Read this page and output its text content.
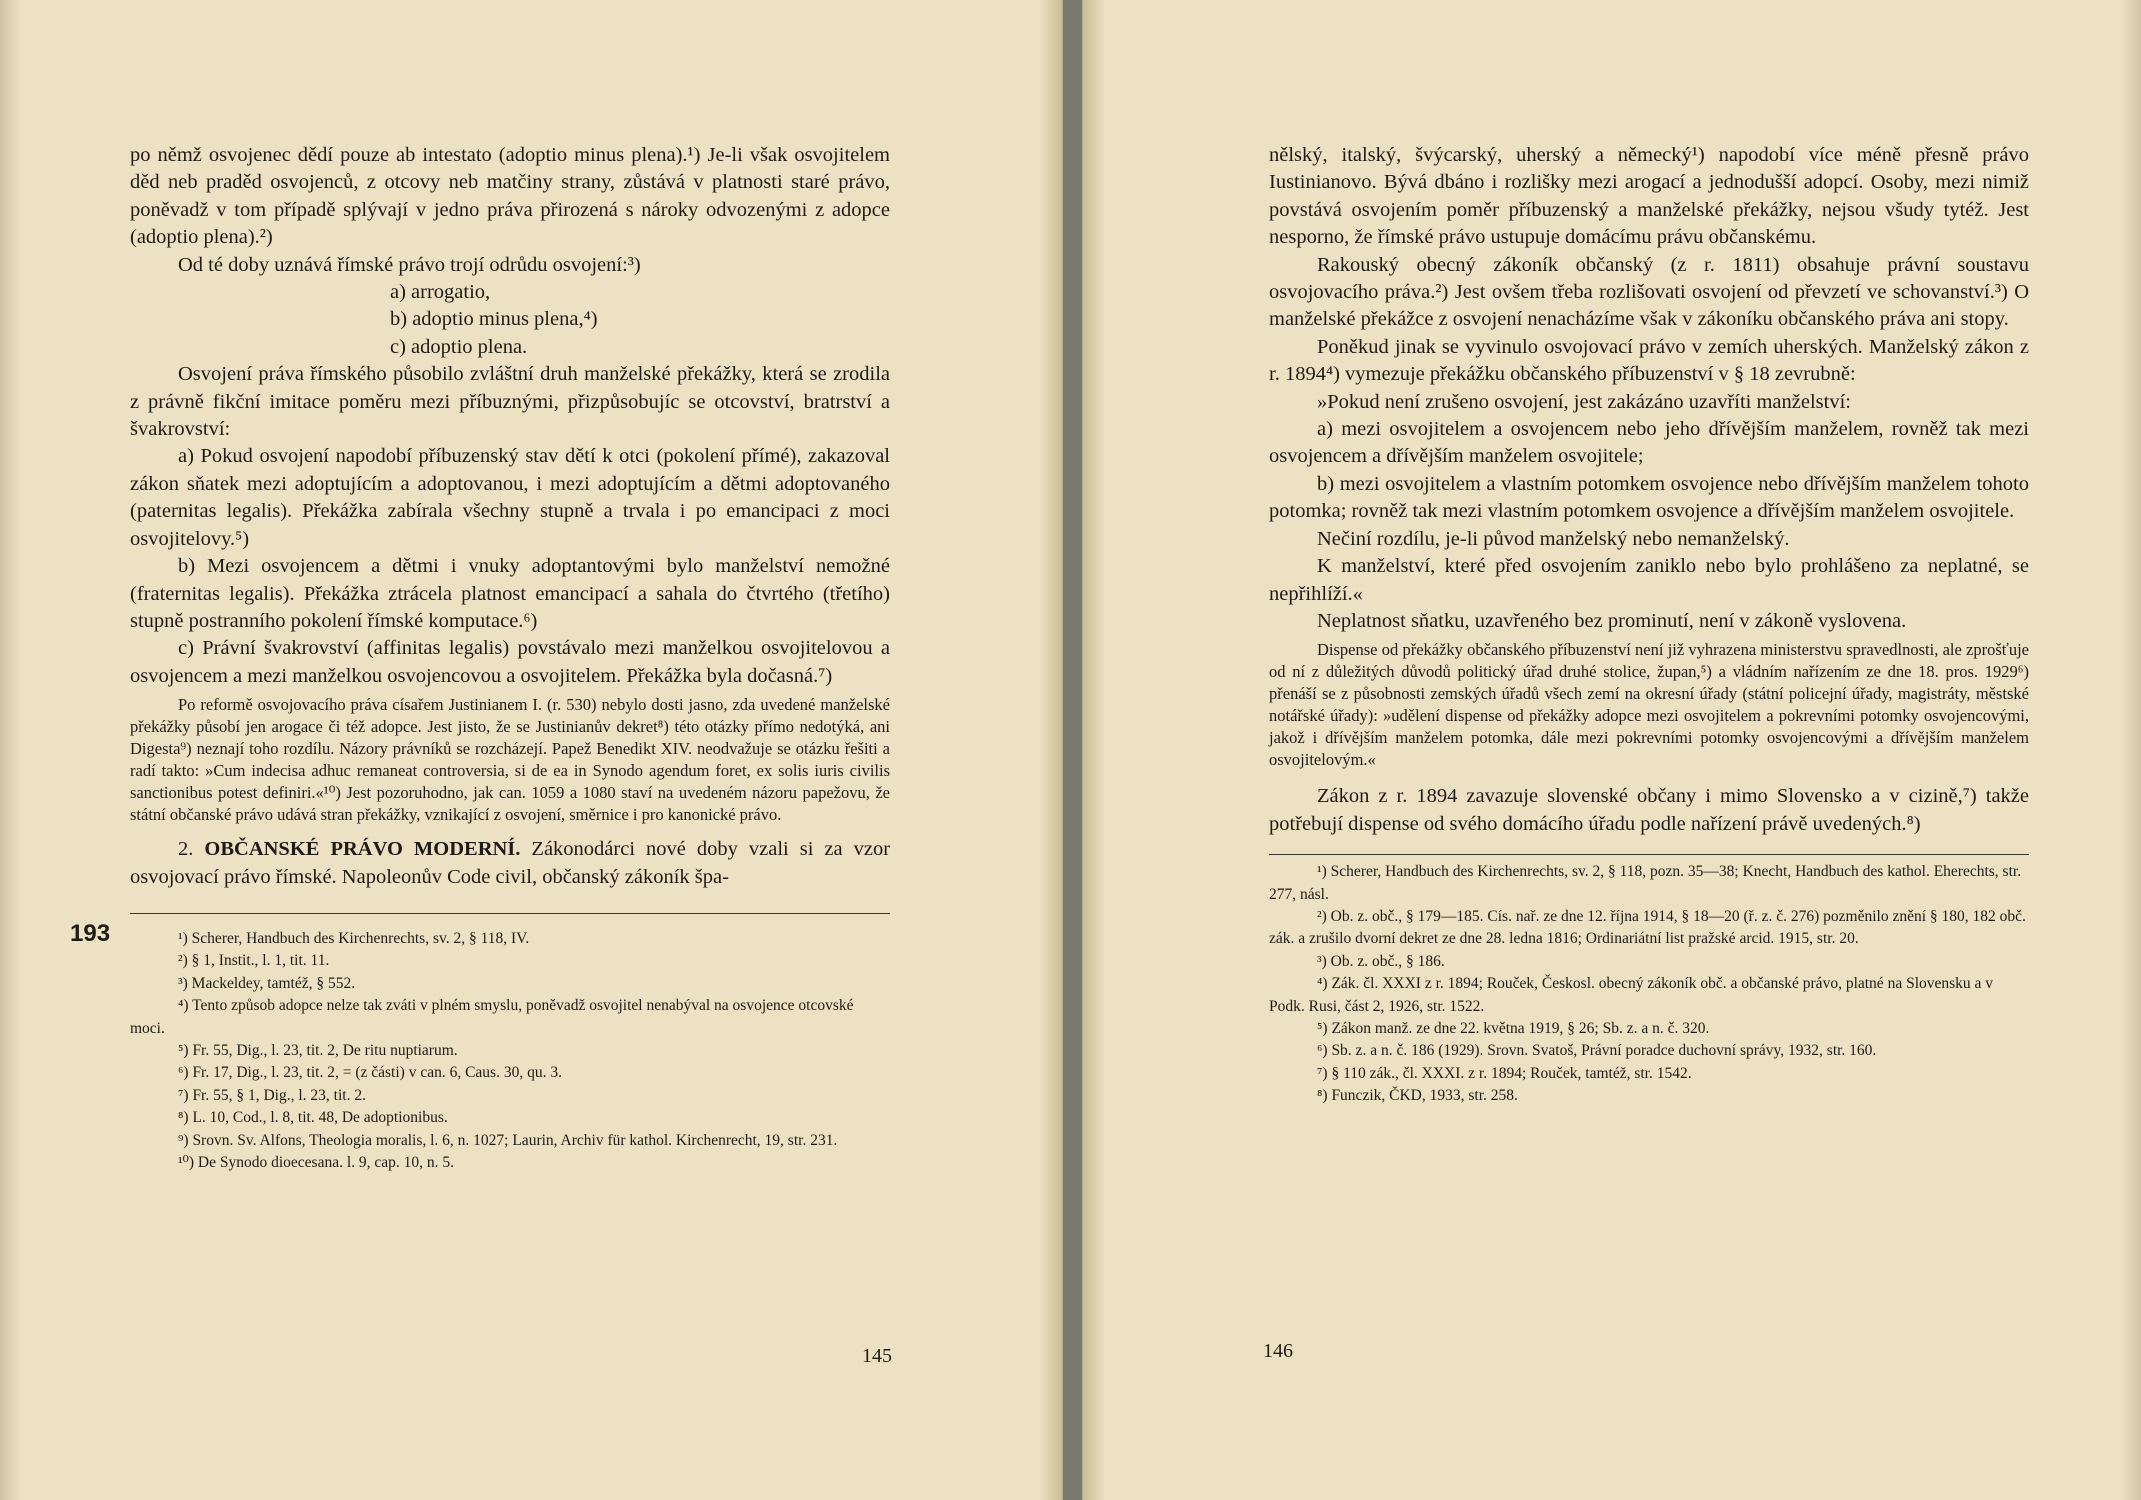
po němž osvojenec dědí pouze ab intestato (adoptio minus plena).¹) Je-li však osvojitelem děd neb praděd osvojenců, z otcovy neb matčiny strany, zůstává v platnosti staré právo, poněvadž v tom případě splývají v jedno práva přirozená s nároky odvozenými z adopce (adoptio plena).²)

Od té doby uznává římské právo trojí odrůdu osvojení:³)

a) arrogatio,
b) adoptio minus plena,⁴)
c) adoptio plena.

Osvojení práva římského působilo zvláštní druh manželské překážky, která se zrodila z právně fikční imitace poměru mezi příbuznými, přizpůsobujíc se otcovství, bratrství a švakrovství:

a) Pokud osvojení napodobí příbuzenský stav dětí k otci (pokolení přímé), zakazoval zákon sňatek mezi adoptujícím a adoptovanou, i mezi adoptujícím a dětmi adoptovaného (paternitas legalis). Překážka zabírala všechny stupně a trvala i po emancipaci z moci osvojitelovy.⁵)

b) Mezi osvojencem a dětmi i vnuky adoptantovými bylo manželství nemožné (fraternitas legalis). Překážka ztrácela platnost emancipací a sahala do čtvrtého (třetího) stupně postranního pokolení římské komputace.⁶)

c) Právní švakrovství (affinitas legalis) povstávalo mezi manželkou osvojitelovou a osvojencem a mezi manželkou osvojencovou a osvojitelem. Překážka byla dočasná.⁷)

Po reformě osvojovacího práva císařem Justinianem I. (r. 530) nebylo dosti jasno, zda uvedené manželské překážky působí jen arogace či též adopce. Jest jisto, že se Justinianův dekret⁸) této otázky přímo nedotýká, ani Digesta⁹) neznají toho rozdílu. Názory právníků se rozcházejí. Papež Benedikt XIV. neodvažuje se otázku řešiti a radí takto: »Cum indecisa adhuc remaneat controversia, si de ea in Synodo agendum foret, ex solis iuris civilis sanctionibus potest definiri.«¹⁰) Jest pozoruhodno, jak can. 1059 a 1080 staví na uvedeném názoru papežovu, že státní občanské právo udává stran překážky, vznikající z osvojení, směrnice i pro kanonické právo.

2. OBČANSKÉ PRÁVO MODERNÍ. Zákonodárci nové doby vzali si za vzor osvojovací právo římské. Napoleonův Code civil, občanský zákoník špa-

¹) Scherer, Handbuch des Kirchenrechts, sv. 2, § 118, IV.

²) § 1, Instit., l. 1, tit. 11.

³) Mackeldey, tamtéž, § 552.

⁴) Tento způsob adopce nelze tak zváti v plném smyslu, poněvadž osvojitel nenabýval na osvojence otcovské moci.

⁵) Fr. 55, Dig., l. 23, tit. 2, De ritu nuptiarum.

⁶) Fr. 17, Dig., l. 23, tit. 2, = (z části) v can. 6, Caus. 30, qu. 3.

⁷) Fr. 55, § 1, Dig., l. 23, tit. 2.

⁸) L. 10, Cod., l. 8, tit. 48, De adoptionibus.

⁹) Srovn. Sv. Alfons, Theologia moralis, l. 6, n. 1027; Laurin, Archiv für kathol. Kirchenrecht, 19, str. 231.

¹⁰) De Synodo dioecesana. l. 9, cap. 10, n. 5.

193
145

nělský, italský, švýcarský, uherský a německý¹) napodobí více méně přesně právo Iustinianovo. Bývá dbáno i rozlišky mezi arogací a jednodušší adopcí. Osoby, mezi nimiž povstává osvojením poměr příbuzenský a manželské překážky, nejsou všudy tytéž. Jest nesporno, že římské právo ustupuje domácímu právu občanskému.

Rakouský obecný zákoník občanský (z r. 1811) obsahuje právní soustavu osvojovacího práva.²) Jest ovšem třeba rozlišovati osvojení od převzetí ve schovanství.³) O manželské překážce z osvojení nenacházíme však v zákoníku občanského práva ani stopy.

Poněkud jinak se vyvinulo osvojovací právo v zemích uherských. Manželský zákon z r. 1894⁴) vymezuje překážku občanského příbuzenství v § 18 zevrubně:

»Pokud není zrušeno osvojení, jest zakázáno uzavříti manželství:

a) mezi osvojitelem a osvojencem nebo jeho dřívějším manželem, rovněž tak mezi osvojencem a dřívějším manželem osvojitele;

b) mezi osvojitelem a vlastním potomkem osvojence nebo dřívějším manželem tohoto potomka; rovněž tak mezi vlastním potomkem osvojence a dřívějším manželem osvojitele.

Nečiní rozdílu, je-li původ manželský nebo nemanželský.

K manželství, které před osvojením zaniklo nebo bylo prohlášeno za neplatné, se nepřihlíží.«

Neplatnost sňatku, uzavřeného bez prominutí, není v zákoně vyslovena.

Dispense od překážky občanského příbuzenství není již vyhrazena ministerstvu spravedlnosti, ale zprošťuje od ní z důležitých důvodů politický úřad druhé stolice, župan,⁵) a vládním nařízením ze dne 18. pros. 1929⁶) přenáší se z působnosti zemských úřadů všech zemí na okresní úřady (státní policejní úřady, magistráty, městské notářské úřady): »udělení dispense od překážky adopce mezi osvojitelem a pokrevními potomky osvojencovými, jakož i dřívějším manželem potomka, dále mezi pokrevními potomky osvojencovými a dřívějším manželem osvojitelovým.«

Zákon z r. 1894 zavazuje slovenské občany i mimo Slovensko a v cizině,⁷) takže potřebují dispense od svého domácího úřadu podle nařízení právě uvedených.⁸)

¹) Scherer, Handbuch des Kirchenrechts, sv. 2, § 118, pozn. 35—38; Knecht, Handbuch des kathol. Eherechts, str. 277, násl.

²) Ob. z. obč., § 179—185. Cís. nař. ze dne 12. října 1914, § 18—20 (ř. z. č. 276) pozměnilo znění § 180, 182 obč. zák. a zrušilo dvorní dekret ze dne 28. ledna 1816; Ordinariátní list pražské arcid. 1915, str. 20.

³) Ob. z. obč., § 186.

⁴) Zák. čl. XXXI z r. 1894; Rouček, Českosl. obecný zákoník obč. a občanské právo, platné na Slovensku a v Podk. Rusi, část 2, 1926, str. 1522.

⁵) Zákon manž. ze dne 22. května 1919, § 26; Sb. z. a n. č. 320.

⁶) Sb. z. a n. č. 186 (1929). Srovn. Svatoš, Právní poradce duchovní správy, 1932, str. 160.

⁷) § 110 zák., čl. XXXI. z r. 1894; Rouček, tamtéž, str. 1542.

⁸) Funczik, ČKD, 1933, str. 258.

146
